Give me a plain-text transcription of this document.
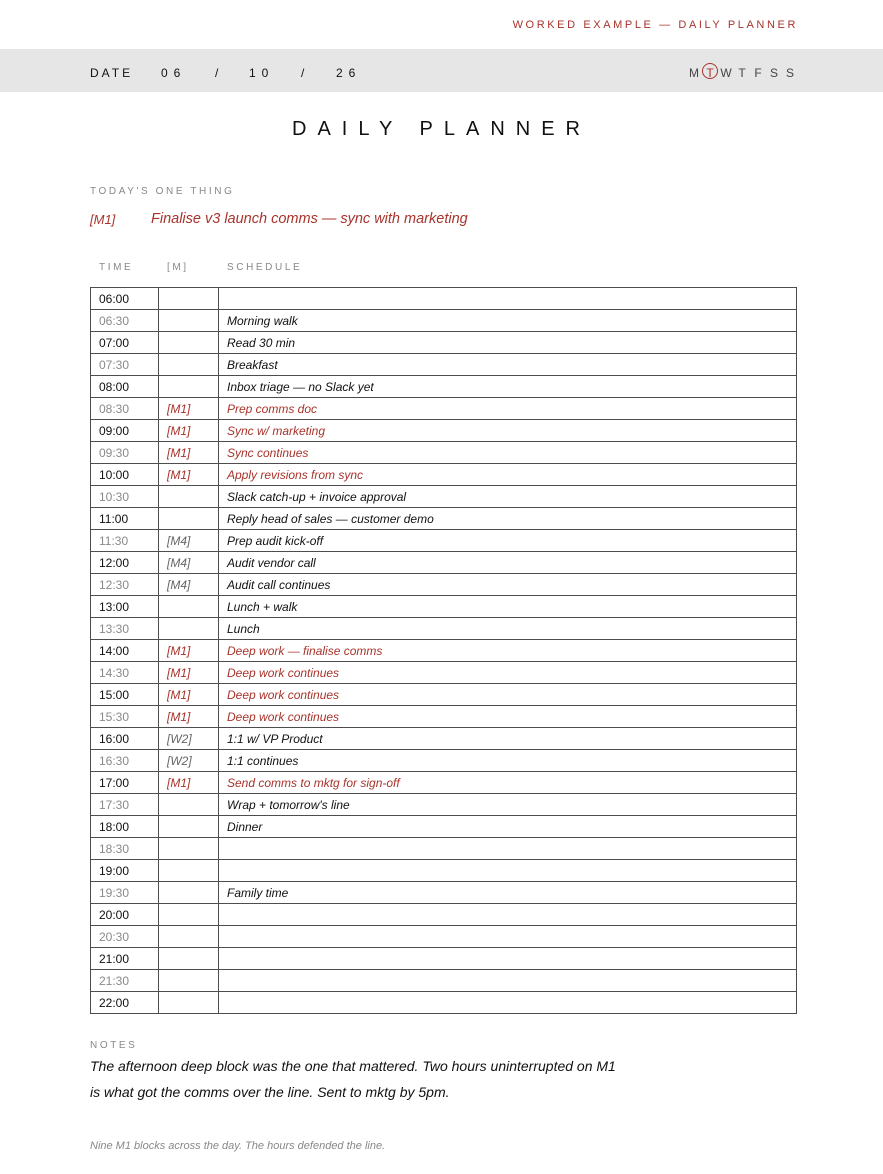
WORKED EXAMPLE — DAILY PLANNER
DATE 06 / 10 / 26	M T W T F S S
DAILY PLANNER
TODAY'S ONE THING
[M1] Finalise v3 launch comms — sync with marketing
TIME	[M]	SCHEDULE
06:00		
06:30		Morning walk
07:00		Read 30 min
07:30		Breakfast
08:00		Inbox triage — no Slack yet
08:30	[M1]	Prep comms doc
09:00	[M1]	Sync w/ marketing
09:30	[M1]	Sync continues
10:00	[M1]	Apply revisions from sync
10:30		Slack catch-up + invoice approval
11:00		Reply head of sales — customer demo
11:30	[M4]	Prep audit kick-off
12:00	[M4]	Audit vendor call
12:30	[M4]	Audit call continues
13:00		Lunch + walk
13:30		Lunch
14:00	[M1]	Deep work — finalise comms
14:30	[M1]	Deep work continues
15:00	[M1]	Deep work continues
15:30	[M1]	Deep work continues
16:00	[W2]	1:1 w/ VP Product
16:30	[W2]	1:1 continues
17:00	[M1]	Send comms to mktg for sign-off
17:30		Wrap + tomorrow's line
18:00		Dinner
18:30		
19:00		
19:30		Family time
20:00		
20:30		
21:00		
21:30		
22:00		
NOTES
The afternoon deep block was the one that mattered. Two hours uninterrupted on M1
is what got the comms over the line. Sent to mktg by 5pm.
Nine M1 blocks across the day. The hours defended the line.
